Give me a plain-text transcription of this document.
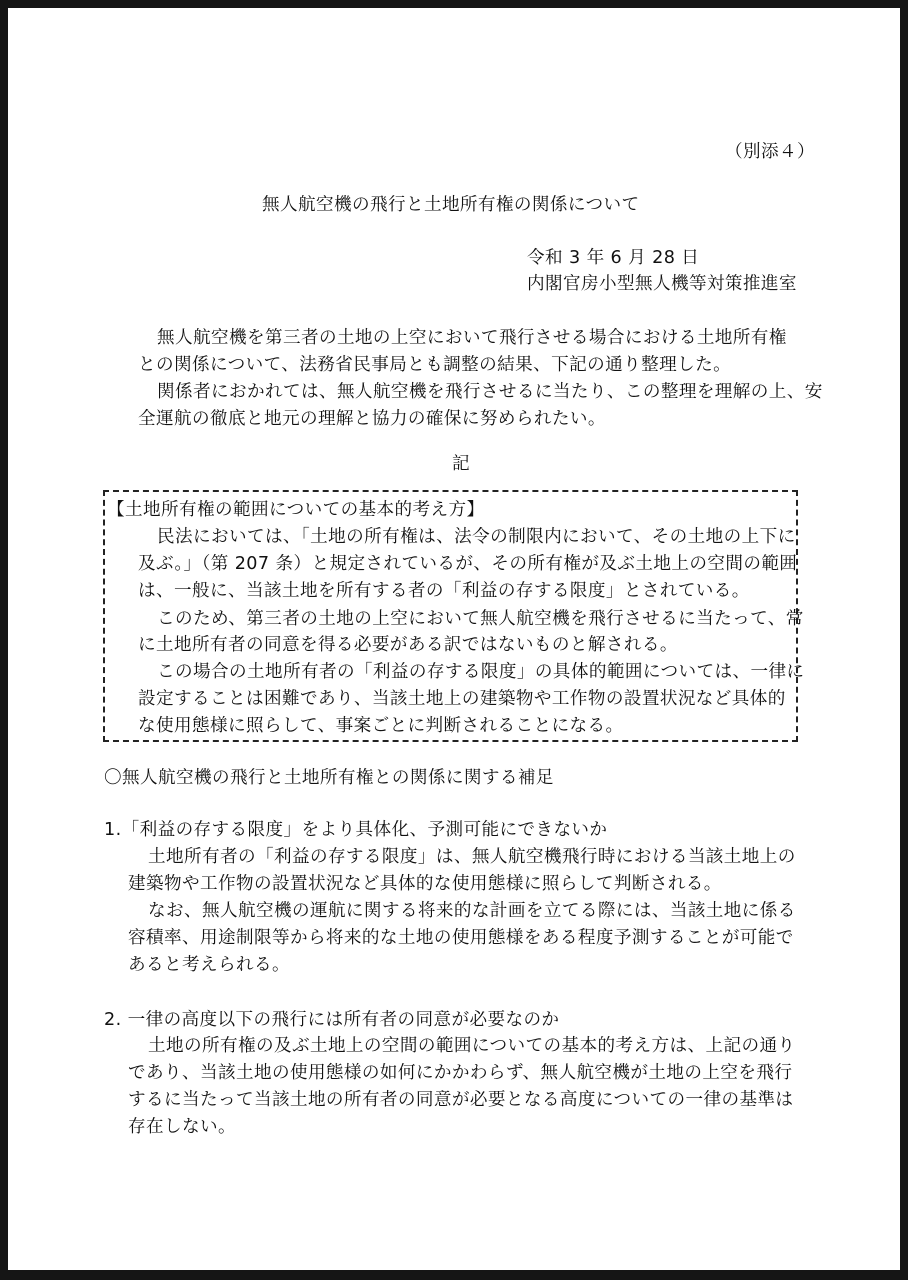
（別添４）
無人航空機の飛行と土地所有権の関係について
令和 3 年 6 月 28 日
内閣官房小型無人機等対策推進室
無人航空機を第三者の土地の上空において飛行させる場合における土地所有権
との関係について、法務省民事局とも調整の結果、下記の通り整理した。
関係者におかれては、無人航空機を飛行させるに当たり、この整理を理解の上、安
全運航の徹底と地元の理解と協力の確保に努められたい。
記
【土地所有権の範囲についての基本的考え方】
民法においては、「土地の所有権は、法令の制限内において、その土地の上下に
及ぶ。」（第 207 条）と規定されているが、その所有権が及ぶ土地上の空間の範囲
は、一般に、当該土地を所有する者の「利益の存する限度」とされている。
このため、第三者の土地の上空において無人航空機を飛行させるに当たって、常
に土地所有者の同意を得る必要がある訳ではないものと解される。
この場合の土地所有者の「利益の存する限度」の具体的範囲については、一律に
設定することは困難であり、当該土地上の建築物や工作物の設置状況など具体的
な使用態様に照らして、事案ごとに判断されることになる。
〇無人航空機の飛行と土地所有権との関係に関する補足
1.「利益の存する限度」をより具体化、予測可能にできないか
土地所有者の「利益の存する限度」は、無人航空機飛行時における当該土地上の
建築物や工作物の設置状況など具体的な使用態様に照らして判断される。
なお、無人航空機の運航に関する将来的な計画を立てる際には、当該土地に係る
容積率、用途制限等から将来的な土地の使用態様をある程度予測することが可能で
あると考えられる。
2. 一律の高度以下の飛行には所有者の同意が必要なのか
土地の所有権の及ぶ土地上の空間の範囲についての基本的考え方は、上記の通り
であり、当該土地の使用態様の如何にかかわらず、無人航空機が土地の上空を飛行
するに当たって当該土地の所有者の同意が必要となる高度についての一律の基準は
存在しない。
